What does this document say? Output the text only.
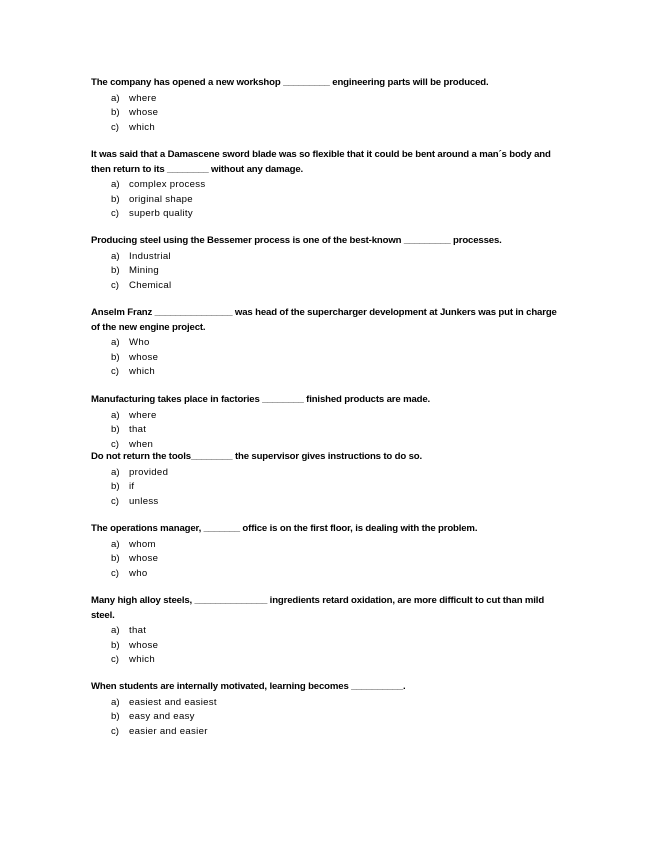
The company has opened a new workshop _________ engineering parts will be produced.

a) where
b) whose
c)	which

It was said that a Damascene sword blade was so flexible that it could be bent around a man´s body and then return to its ________ without any damage.

a) complex process
b) original shape
c)	superb quality

Producing steel using the Bessemer process is one of the best-known _________ processes.

a) Industrial
b) Mining
c)	Chemical

Anselm Franz _______________ was head of the supercharger development at Junkers was put in charge of the new engine project.

a) Who
b) whose
c)	which

Manufacturing takes place in factories ________ finished products are made.

a) where
b) that
c)	when

Do not return the tools________ the supervisor gives instructions to do so.

a) provided
b) if
c)	unless

The operations manager, _______ office is on the first floor, is dealing with the problem.

a) whom
b) whose
c)	who

Many high alloy steels, ______________ ingredients retard oxidation, are more difficult to cut than mild steel.

a) that
b) whose
c)	which

When students are internally motivated, learning becomes __________.

a) easiest and easiest
b) easy and easy
c)	easier and easier
